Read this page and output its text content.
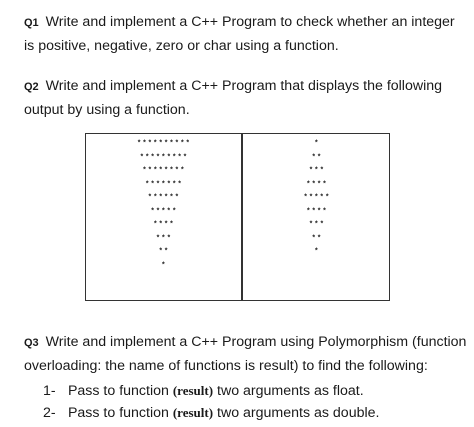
Q1 Write and implement a C++ Program to check whether an integer is positive, negative, zero or char using a function.

Q2 Write and implement a C++ Program that displays the following output by using a function.

**********
*********
********
*******
******
*****
****
***
**
*
*
**
***
****
*****
****
***
**
*

Q3 Write and implement a C++ Program using Polymorphism (function overloading: the name of functions is result) to find the following:

1- Pass to function (result) two arguments as float.
2- Pass to function (result) two arguments as double.
